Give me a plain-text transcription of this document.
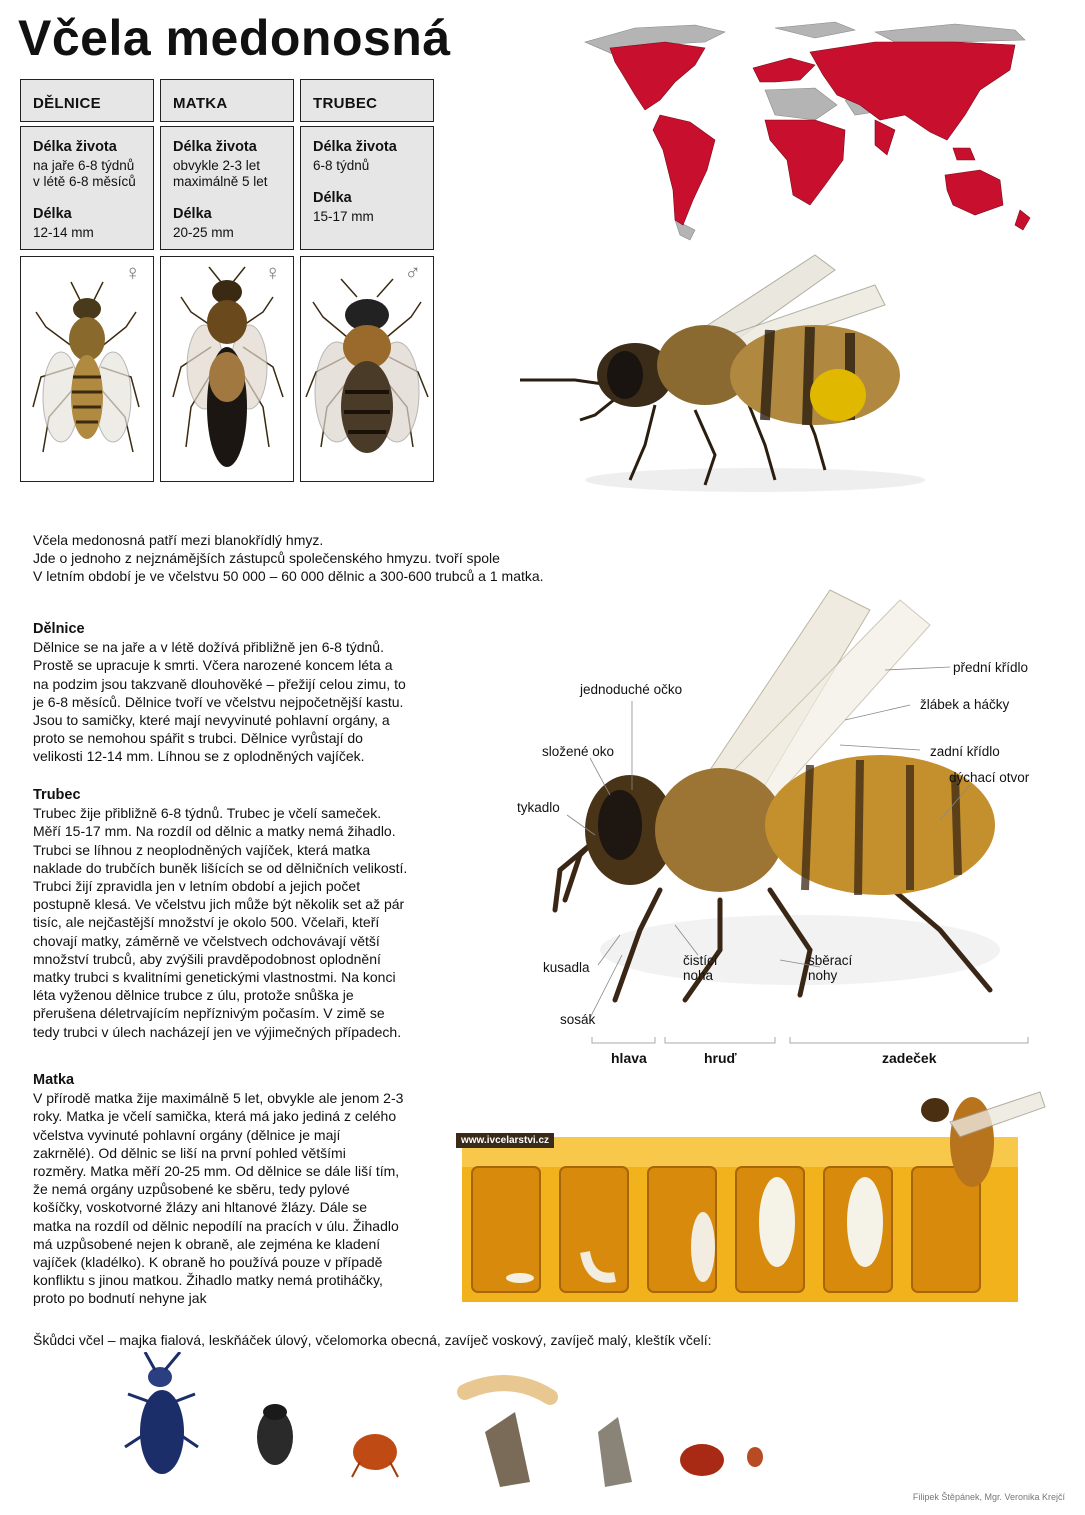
Včela medonosná
DĚLNICE	MATKA	TRUBEC
Délka života
na jaře 6-8 týdnů
v létě 6-8 měsíců
Délka
12-14 mm
Délka života
obvykle 2-3 let
maximálně 5 let
Délka
20-25 mm
Délka života
6-8 týdnů
Délka
15-17 mm
♀	♀	♂
Včela medonosná patří mezi blanokřídlý hmyz.
Jde o jednoho z nejznámějších zástupců společenského hmyzu. tvoří spole
V letním období je ve včelstvu 50 000 – 60 000 dělnic a 300-600 trubců a 1 matka.
Dělnice
Dělnice se na jaře a v létě dožívá přibližně jen 6-8 týdnů.
Prostě se upracuje k smrti. Včera narozené koncem léta a
na podzim jsou takzvaně dlouhověké – přežijí celou zimu, to
je 6-8 měsíců. Dělnice tvoří ve včelstvu nejpočetnější kastu.
Jsou to samičky, které mají nevyvinuté pohlavní orgány, a
proto se nemohou spářit s trubci. Dělnice vyrůstají do
velikosti 12-14 mm. Líhnou se z oplodněných vajíček.
Trubec
Trubec žije přibližně 6-8 týdnů. Trubec je včelí sameček.
Měří 15-17 mm. Na rozdíl od dělnic a matky nemá žihadlo.
Trubci se líhnou z neoplodněných vajíček, která matka
naklade do trubčích buněk lišících se od dělničních velikostí.
Trubci žijí zpravidla jen v letním období a jejich počet
postupně klesá. Ve včelstvu jich může být několik set až pár
tisíc, ale nejčastější množství je okolo 500. Včelaři, kteří
chovají matky, záměrně ve včelstvech odchovávají větší
množství trubců, aby zvýšili pravděpodobnost oplodnění
matky trubci s kvalitními genetickými vlastnostmi. Na konci
léta vyženou dělnice trubce z úlu, protože snůška je
přerušena déletrvajícím nepříznivým počasím. V zimě se
tedy trubci v úlech nacházejí jen ve výjimečných případech.
Matka
V přírodě matka žije maximálně 5 let, obvykle ale jenom 2-3
roky. Matka je včelí samička, která má jako jediná z celého
včelstva vyvinuté pohlavní orgány (dělnice je mají
zakrnělé). Od dělnic se liší na první pohled většími
rozměry. Matka měří 20-25 mm. Od dělnice se dále liší tím,
že nemá orgány uzpůsobené ke sběru, tedy pylové
košíčky, voskotvorné žlázy ani hltanové žlázy. Dále se
matka na rozdíl od dělnic nepodílí na pracích v úlu. Žihadlo
má uzpůsobené nejen k obraně, ale zejména ke kladení
vajíček (kladélko). K obraně ho používá pouze v případě
konfliktu s jinou matkou. Žihadlo matky nemá protiháčky,
proto po bodnutí nehyne jak
přední křídlo
jednoduché očko
žlábek a háčky
složené oko	zadní křídlo
dýchací otvor
tykadlo
čistící
noha
sběrací
nohy
kusadla
sosák
hlava	hruď	zadeček
www.ivcelarstvi.cz
Škůdci včel – majka fialová, leskňáček úlový, včelomorka obecná, zavíječ voskový, zavíječ malý, kleštík včelí:
Filipek Štěpánek, Mgr. Veronika Krejčí
